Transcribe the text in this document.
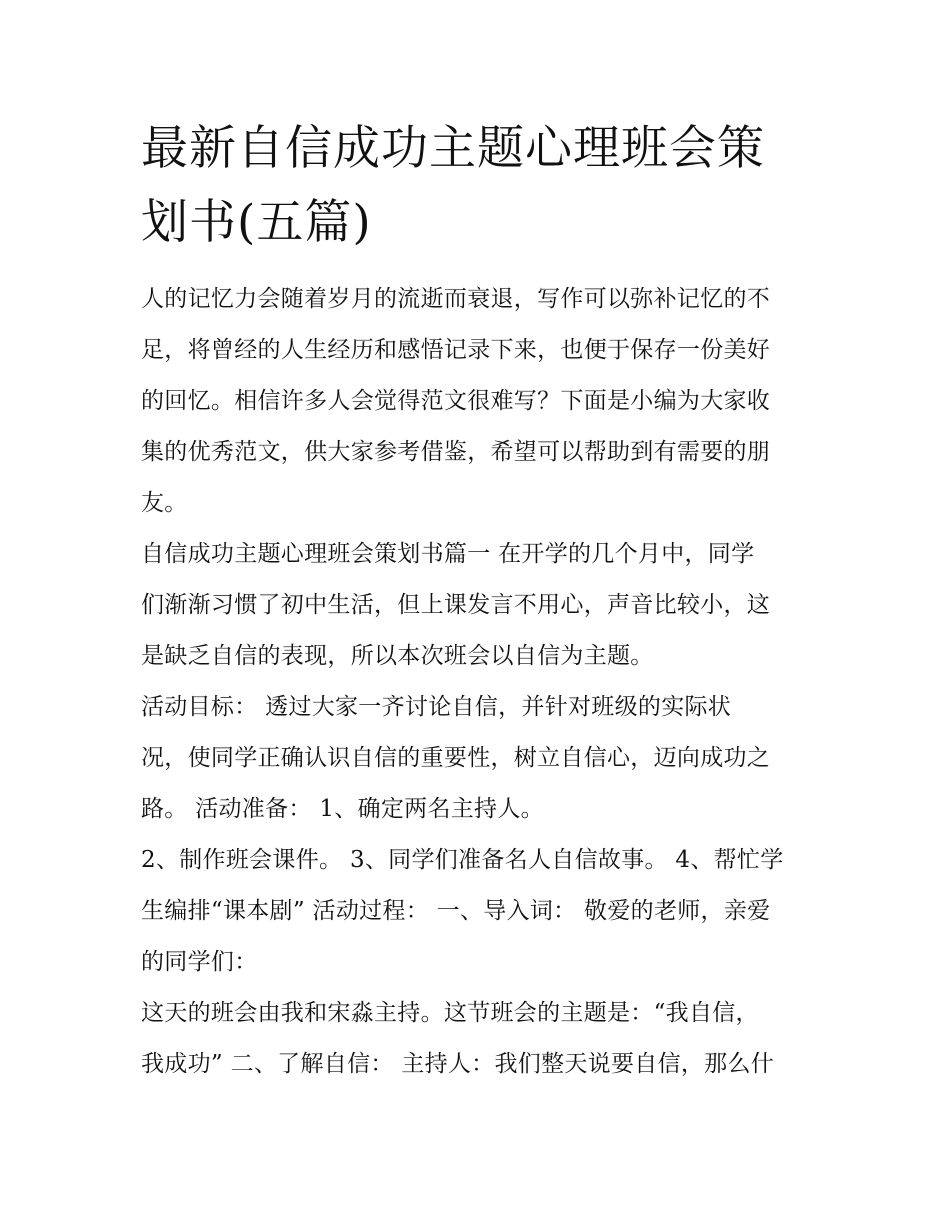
最新自信成功主题心理班会策
划书(五篇)
人的记忆力会随着岁月的流逝而衰退，写作可以弥补记忆的不
足，将曾经的人生经历和感悟记录下来，也便于保存一份美好
的回忆。相信许多人会觉得范文很难写？下面是小编为大家收
集的优秀范文，供大家参考借鉴，希望可以帮助到有需要的朋
友。
自信成功主题心理班会策划书篇一 在开学的几个月中，同学
们渐渐习惯了初中生活，但上课发言不用心，声音比较小，这
是缺乏自信的表现，所以本次班会以自信为主题。
活动目标： 透过大家一齐讨论自信，并针对班级的实际状
况，使同学正确认识自信的重要性，树立自信心，迈向成功之
路。 活动准备： 1、确定两名主持人。
2、制作班会课件。 3、同学们准备名人自信故事。 4、帮忙学
生编排“课本剧” 活动过程： 一、导入词： 敬爱的老师，亲爱
的同学们：
这天的班会由我和宋淼主持。这节班会的主题是：“我自信，
我成功” 二、了解自信： 主持人：我们整天说要自信，那么什
